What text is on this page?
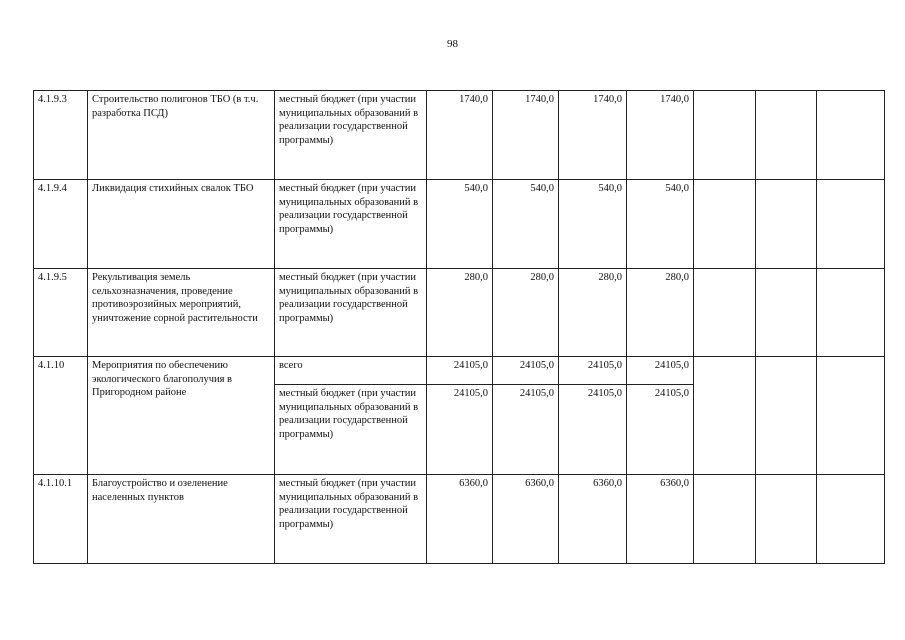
98
4.1.9.3	Строительство полигонов ТБО (в т.ч. разработка ПСД)	местный бюджет (при участии муниципальных образований в реализации государственной программы)	1740,0	1740,0	1740,0	1740,0			
4.1.9.4	Ликвидация стихийных свалок ТБО	местный бюджет (при участии муниципальных образований в реализации государственной программы)	540,0	540,0	540,0	540,0			
4.1.9.5	Рекультивация земель сельхозназначения, проведение противоэрозийных мероприятий, уничтожение сорной растительности	местный бюджет (при участии муниципальных образований в реализации государственной программы)	280,0	280,0	280,0	280,0			
4.1.10	Мероприятия по обеспечению экологического благополучия в Пригородном районе	всего	24105,0	24105,0	24105,0	24105,0			
		местный бюджет (при участии муниципальных образований в реализации государственной программы)	24105,0	24105,0	24105,0	24105,0			
4.1.10.1	Благоустройство и озеленение населенных пунктов	местный бюджет (при участии муниципальных образований в реализации государственной программы)	6360,0	6360,0	6360,0	6360,0			
